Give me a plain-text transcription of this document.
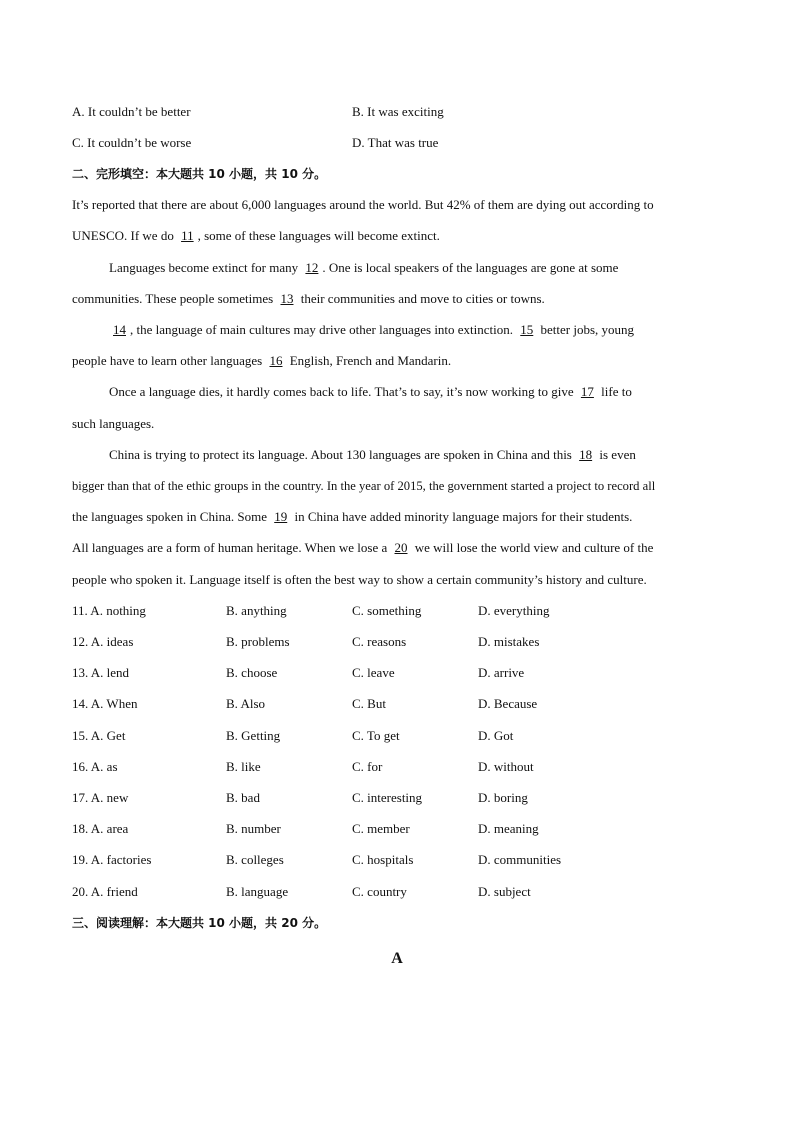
A. It couldn’t be better	B. It was exciting
C. It couldn’t be worse	D. That was true
二、完形填空：本大题共 10 小题，共 10 分。
It’s reported that there are about 6,000 languages around the world. But 42% of them are dying out according to
UNESCO. If we do 11 , some of these languages will become extinct.
Languages become extinct for many 12 . One is local speakers of the languages are gone at some
communities. These people sometimes 13 their communities and move to cities or towns.
14 , the language of main cultures may drive other languages into extinction. 15 better jobs, young
people have to learn other languages 16 English, French and Mandarin.
Once a language dies, it hardly comes back to life. That’s to say, it’s now working to give 17 life to
such languages.
China is trying to protect its language. About 130 languages are spoken in China and this 18 is even
bigger than that of the ethic groups in the country. In the year of 2015, the government started a project to record all
the languages spoken in China. Some 19 in China have added minority language majors for their students.
All languages are a form of human heritage. When we lose a 20 we will lose the world view and culture of the
people who spoken it. Language itself is often the best way to show a certain community’s history and culture.
11. A. nothing	B. anything	C. something	D. everything
12. A. ideas	B. problems	C. reasons	D. mistakes
13. A. lend	B. choose	C. leave	D. arrive
14. A. When	B. Also	C. But	D. Because
15. A. Get	B. Getting	C. To get	D. Got
16. A. as	B. like	C. for	D. without
17. A. new	B. bad	C. interesting	D. boring
18. A. area	B. number	C. member	D. meaning
19. A. factories	B. colleges	C. hospitals	D. communities
20. A. friend	B. language	C. country	D. subject
三、阅读理解：本大题共 10 小题，共 20 分。
A
